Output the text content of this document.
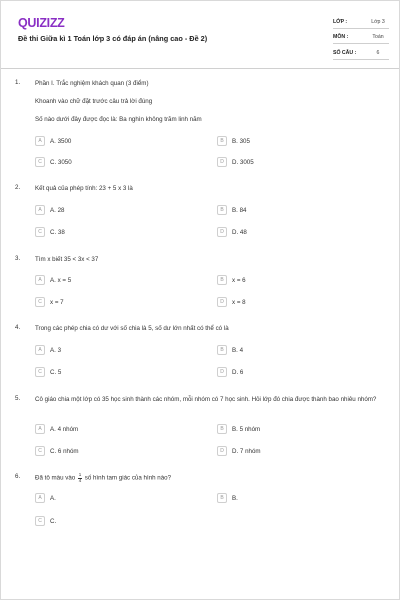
QUIZIZZ
Đề thi Giữa kì 1 Toán lớp 3 có đáp án (nâng cao - Đề 2)
LỚP :	Lớp 3
MÔN :	Toán
SỐ CÂU :	6
1. Phần I. Trắc nghiệm khách quan (3 điểm)
Khoanh vào chữ đặt trước câu trả lời đúng
Số nào dưới đây được đọc là: Ba nghìn không trăm linh năm
A	A. 3500	B	B. 305
C	C. 3050	D	D. 3005
2. Kết quả của phép tính: 23 + 5 x 3 là
A	A. 28	B	B. 84
C	C. 38	D	D. 48
3. Tìm x biết 35 < 3x < 37
A	A. x = 5	B	x = 6
C	x = 7	D	x = 8
4. Trong các phép chia có dư với số chia là 5, số dư lớn nhất có thể có là
A	A. 3	B	B. 4
C	C. 5	D	D. 6
5. Cô giáo chia một lớp có 35 học sinh thành các nhóm, mỗi nhóm có 7 học sinh. Hỏi lớp đó chia được thành bao nhiêu nhóm?
A	A. 4 nhóm	B	B. 5 nhóm
C	C. 6 nhóm	D	D. 7 nhóm
6. Đã tô màu vào $\frac{1}{4}$ số hình tam giác của hình nào?
A	A.	B	B.
C	C.
